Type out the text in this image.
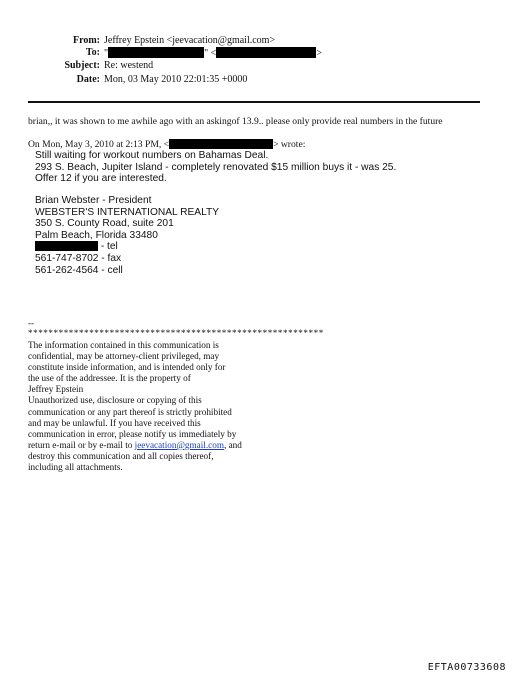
From: Jeffrey Epstein <jeevacation@gmail.com>
To: "	" <	>
Subject: Re: westend
Date: Mon, 03 May 2010 22:01:35 +0000
brian,, it was shown to me awhile ago with an askingof 13.9.. please only provide real numbers in the future
On Mon, May 3, 2010 at 2:13 PM, <	> wrote:
Still waiting for workout numbers on Bahamas Deal.
293 S. Beach, Jupiter Island - completely renovated $15 million buys it - was 25.
Offer 12 if you are interested.
Brian Webster - President
WEBSTER'S INTERNATIONAL REALTY
350 S. County Road, suite 201
Palm Beach, Florida 33480
- tel
561-747-8702 - fax
561-262-4564 - cell
--
**********************************************************
The information contained in this communication is
confidential, may be attorney-client privileged, may
constitute inside information, and is intended only for
the use of the addressee. It is the property of
Jeffrey Epstein
Unauthorized use, disclosure or copying of this
communication or any part thereof is strictly prohibited
and may be unlawful. If you have received this
communication in error, please notify us immediately by
return e-mail or by e-mail to jeevacation@gmail.com, and
destroy this communication and all copies thereof,
including all attachments.
EFTA00733608
